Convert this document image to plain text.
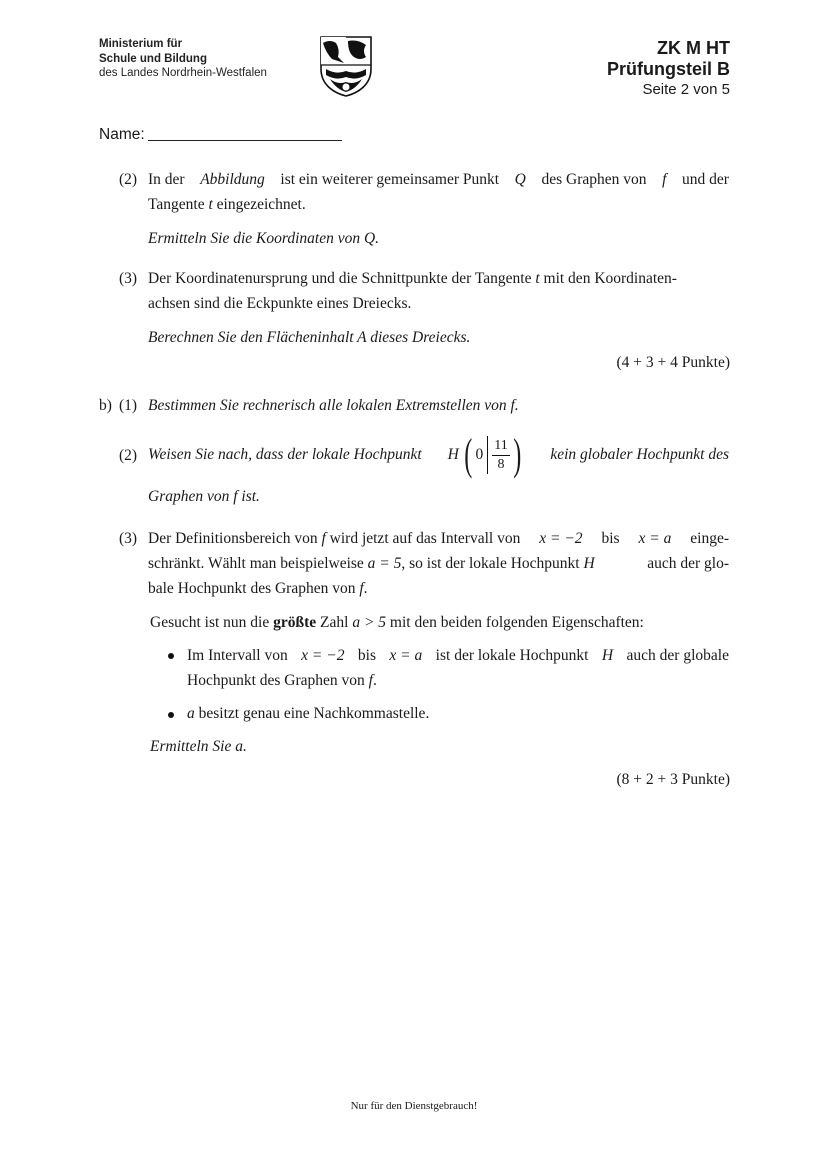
Ministerium für
Schule und Bildung
des Landes Nordrhein-Westfalen
ZK M HT
Prüfungsteil B
Seite 2 von 5
Name:
(2) In der Abbildung ist ein weiterer gemeinsamer Punkt Q des Graphen von f und der
Tangente t eingezeichnet.
Ermitteln Sie die Koordinaten von Q.
(3) Der Koordinatenursprung und die Schnittpunkte der Tangente t mit den Koordinaten-
achsen sind die Eckpunkte eines Dreiecks.
Berechnen Sie den Flächeninhalt A dieses Dreiecks.
(4 + 3 + 4 Punkte)
b) (1) Bestimmen Sie rechnerisch alle lokalen Extremstellen von f.
(2) Weisen Sie nach, dass der lokale Hochpunkt H ( $0 \frac{11}{8}$ ) kein globaler Hochpunkt des
Graphen von f ist.
(3) Der Definitionsbereich von f wird jetzt auf das Intervall von x = −2 bis x = a einge-
schränkt. Wählt man beispielweise a = 5, so ist der lokale Hochpunkt H	auch der glo-
bale Hochpunkt des Graphen von f.
Gesucht ist nun die größte Zahl a > 5 mit den beiden folgenden Eigenschaften:
Im Intervall von x = −2 bis x = a ist der lokale Hochpunkt H auch der globale
Hochpunkt des Graphen von f.
a besitzt genau eine Nachkommastelle.
Ermitteln Sie a.
(8 + 2 + 3 Punkte)
Nur für den Dienstgebrauch!
